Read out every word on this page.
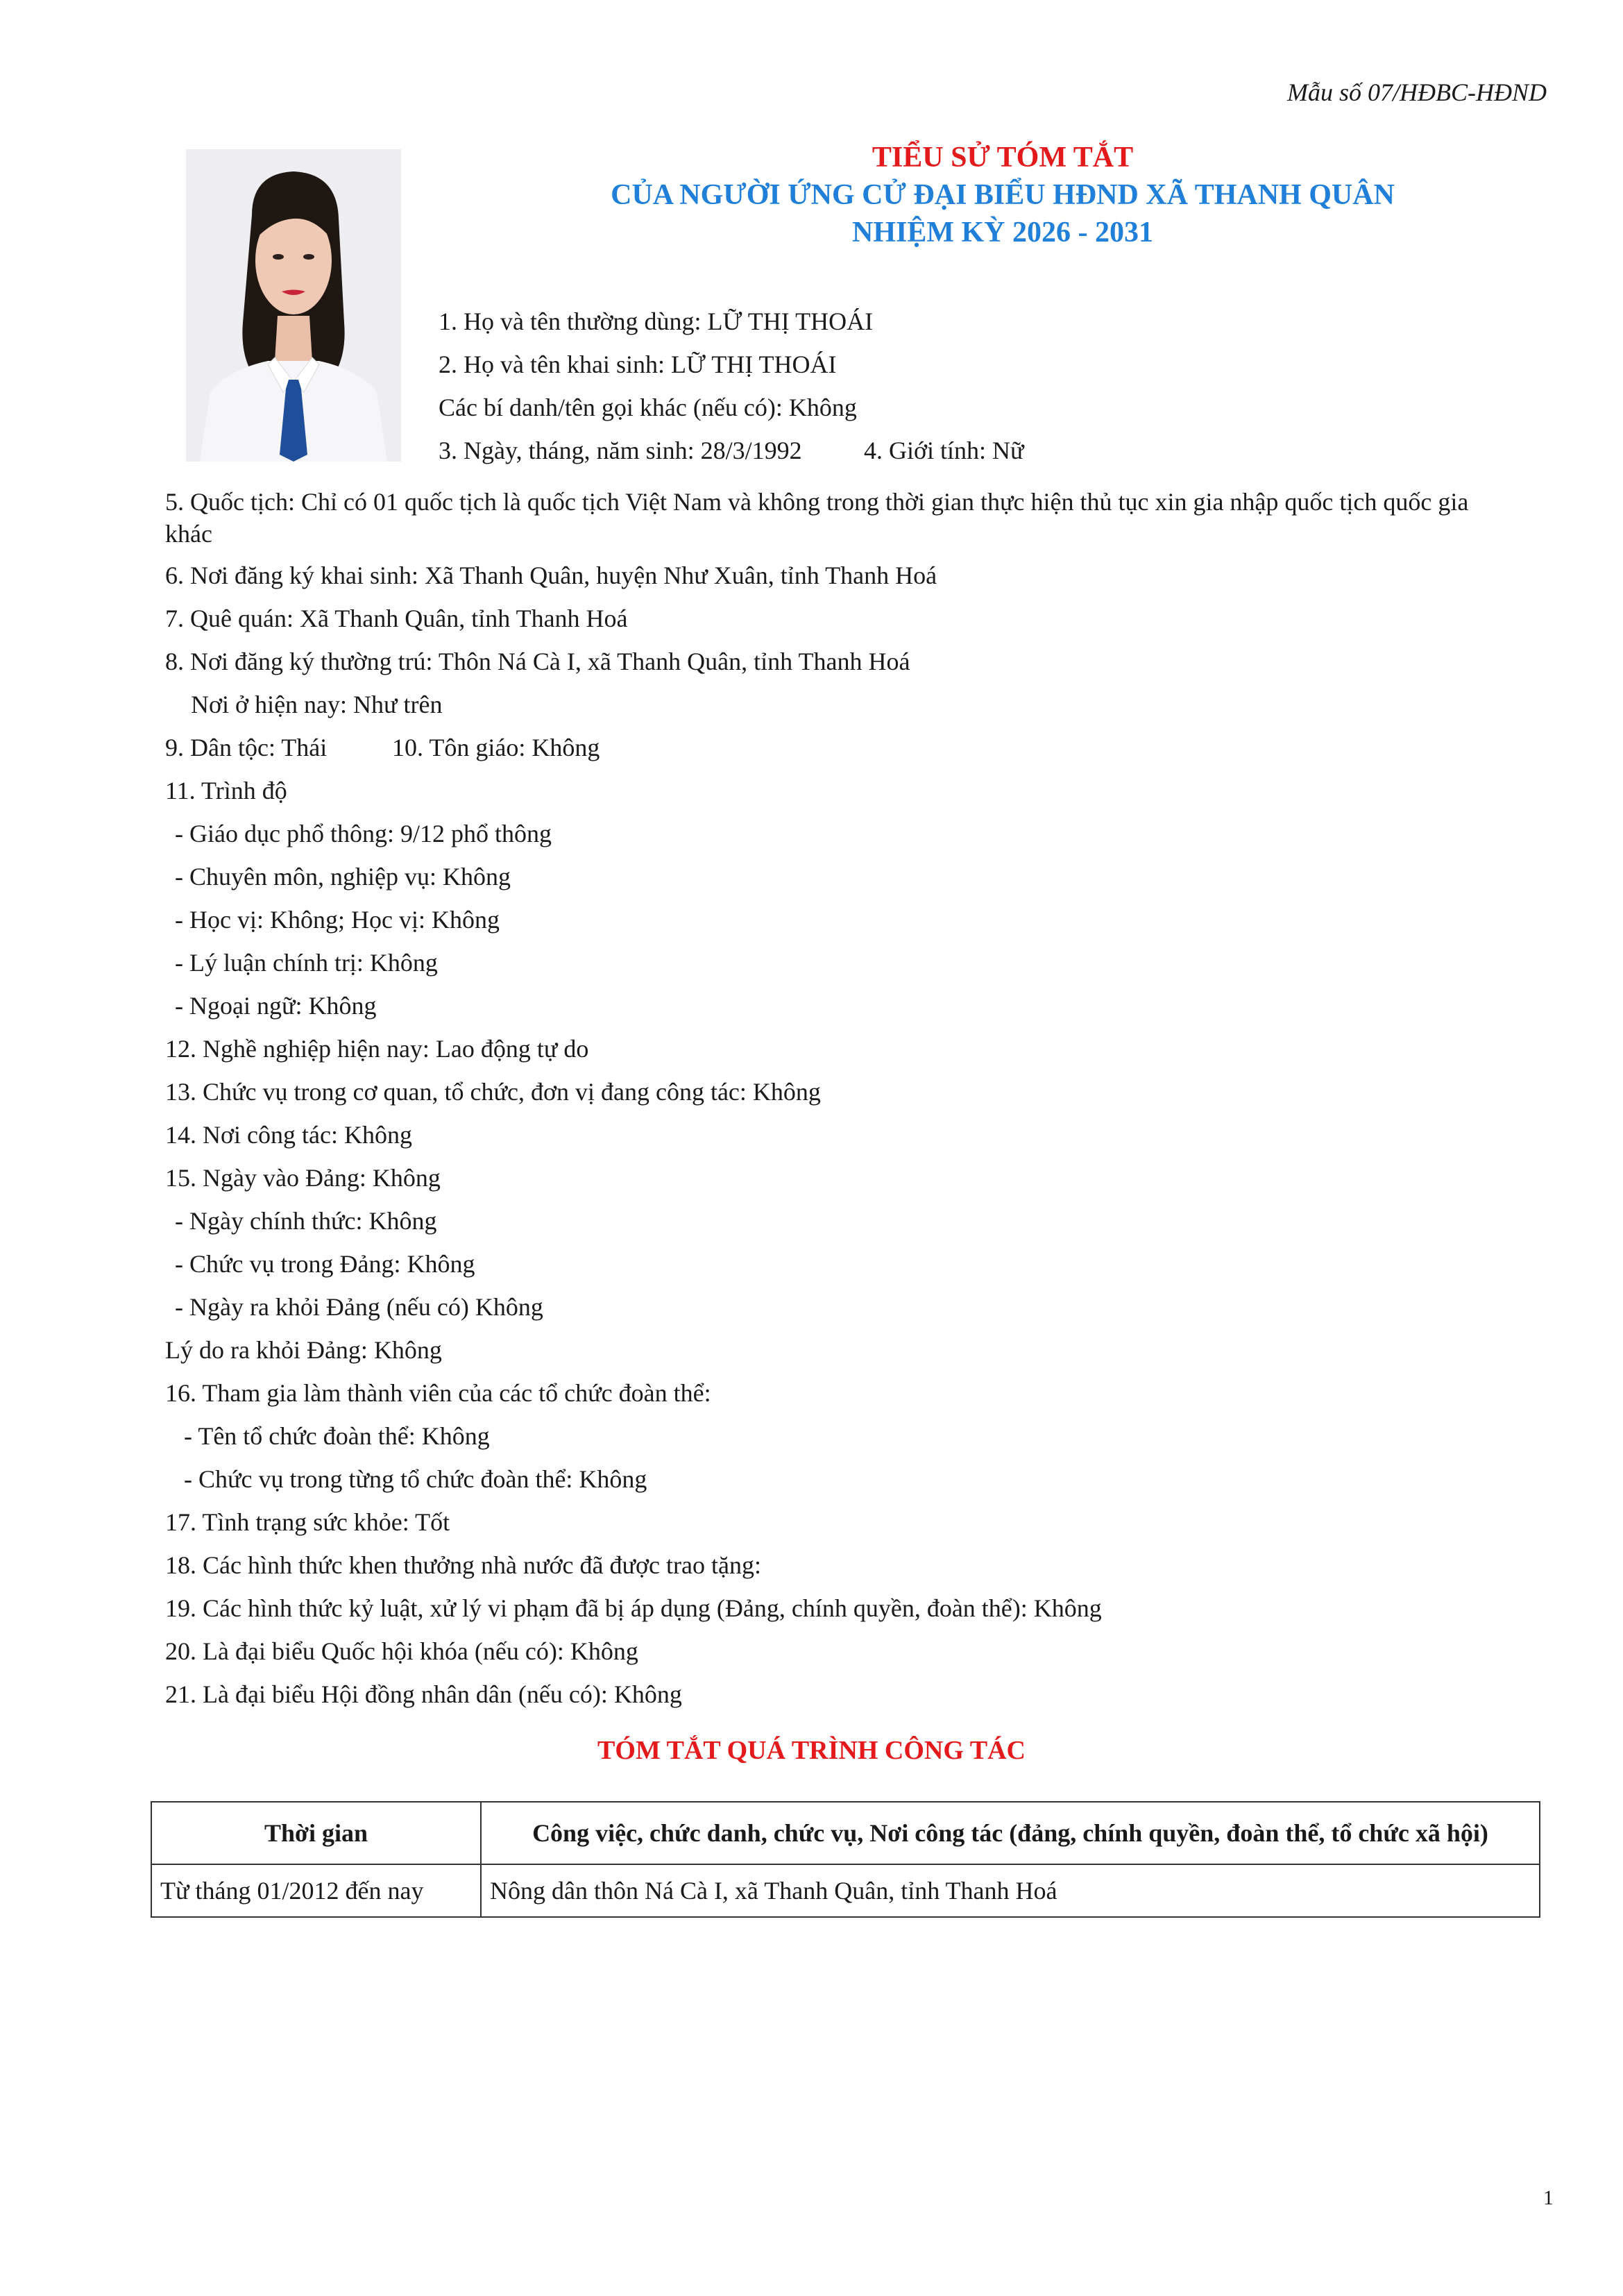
Mẫu số 07/HĐBC-HĐND
TIỂU SỬ TÓM TẮT
CỦA NGƯỜI ỨNG CỬ ĐẠI BIỂU HĐND XÃ THANH QUÂN
NHIỆM KỲ 2026 - 2031
1. Họ và tên thường dùng: LỮ THỊ THOÁI
2. Họ và tên khai sinh: LỮ THỊ THOÁI
Các bí danh/tên gọi khác (nếu có): Không
3. Ngày, tháng, năm sinh: 28/3/1992 4. Giới tính: Nữ
5. Quốc tịch: Chỉ có 01 quốc tịch là quốc tịch Việt Nam và không trong thời gian thực hiện thủ tục xin gia nhập quốc tịch quốc gia
khác
6. Nơi đăng ký khai sinh: Xã Thanh Quân, huyện Như Xuân, tỉnh Thanh Hoá
7. Quê quán: Xã Thanh Quân, tỉnh Thanh Hoá
8. Nơi đăng ký thường trú: Thôn Ná Cà I, xã Thanh Quân, tỉnh Thanh Hoá
Nơi ở hiện nay: Như trên
9. Dân tộc: Thái	10. Tôn giáo: Không
11. Trình độ
- Giáo dục phổ thông: 9/12 phổ thông
- Chuyên môn, nghiệp vụ: Không
- Học vị: Không; Học vị: Không
- Lý luận chính trị: Không
- Ngoại ngữ: Không
12. Nghề nghiệp hiện nay: Lao động tự do
13. Chức vụ trong cơ quan, tổ chức, đơn vị đang công tác: Không
14. Nơi công tác: Không
15. Ngày vào Đảng: Không
- Ngày chính thức: Không
- Chức vụ trong Đảng: Không
- Ngày ra khỏi Đảng (nếu có) Không
Lý do ra khỏi Đảng: Không
16. Tham gia làm thành viên của các tổ chức đoàn thể:
- Tên tổ chức đoàn thể: Không
- Chức vụ trong từng tổ chức đoàn thể: Không
17. Tình trạng sức khỏe: Tốt
18. Các hình thức khen thưởng nhà nước đã được trao tặng:
19. Các hình thức kỷ luật, xử lý vi phạm đã bị áp dụng (Đảng, chính quyền, đoàn thể): Không
20. Là đại biểu Quốc hội khóa (nếu có): Không
21. Là đại biểu Hội đồng nhân dân (nếu có): Không
TÓM TẮT QUÁ TRÌNH CÔNG TÁC
Thời gian	Công việc, chức danh, chức vụ, Nơi công tác (đảng, chính quyền, đoàn thể, tổ chức xã hội)
Từ tháng 01/2012 đến nay	Nông dân thôn Ná Cà I, xã Thanh Quân, tỉnh Thanh Hoá
1
